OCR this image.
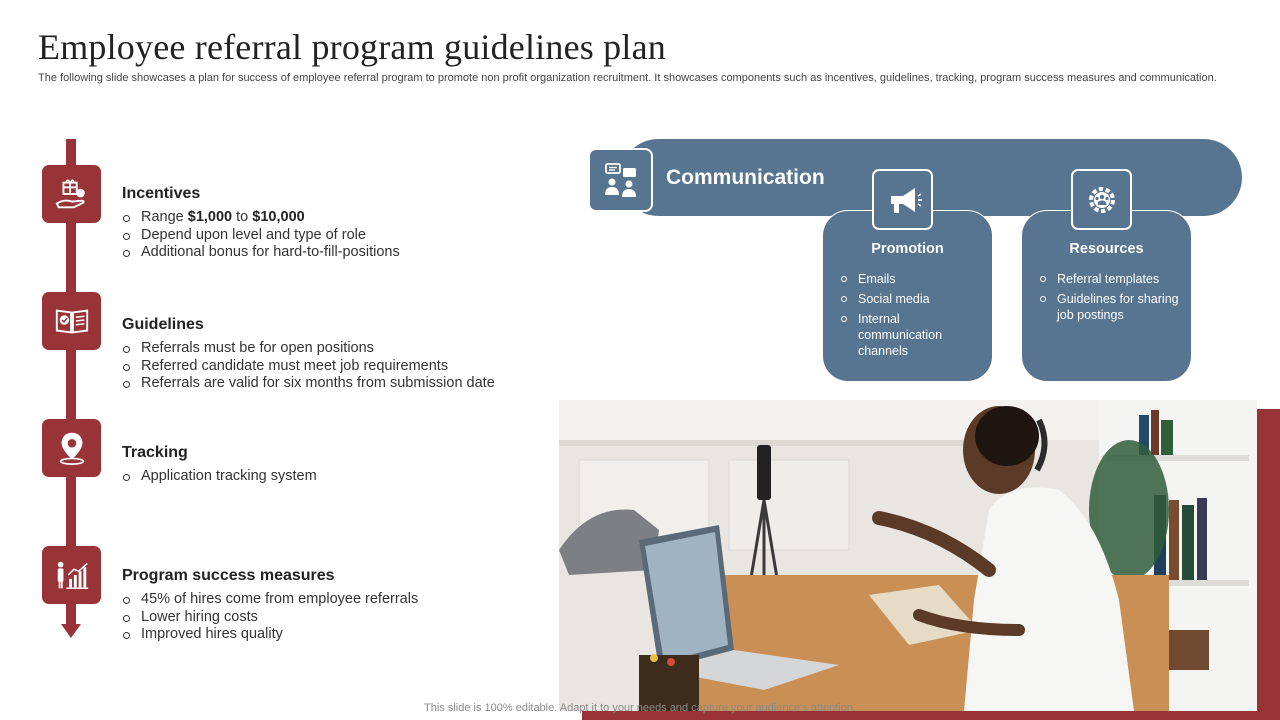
Employee referral program guidelines plan

The following slide showcases a plan for success of employee referral program to promote non profit organization recruitment. It showcases components such as incentives, guidelines, tracking, program success measures and communication.

Incentives
Range $1,000 to $10,000
Depend upon level and type of role
Additional bonus for hard-to-fill-positions
Guidelines
Referrals must be for open positions
Referred candidate must meet job requirements
Referrals are valid for six months from submission date
Tracking
Application tracking system
Program success measures
45% of hires come from employee referrals
Lower hiring costs
Improved hires quality
Communication
Promotion
Emails
Social media
Internal communication channels
Resources
Referral templates
Guidelines for sharing job postings
This slide is 100% editable. Adapt it to your needs and capture your audience's attention.
